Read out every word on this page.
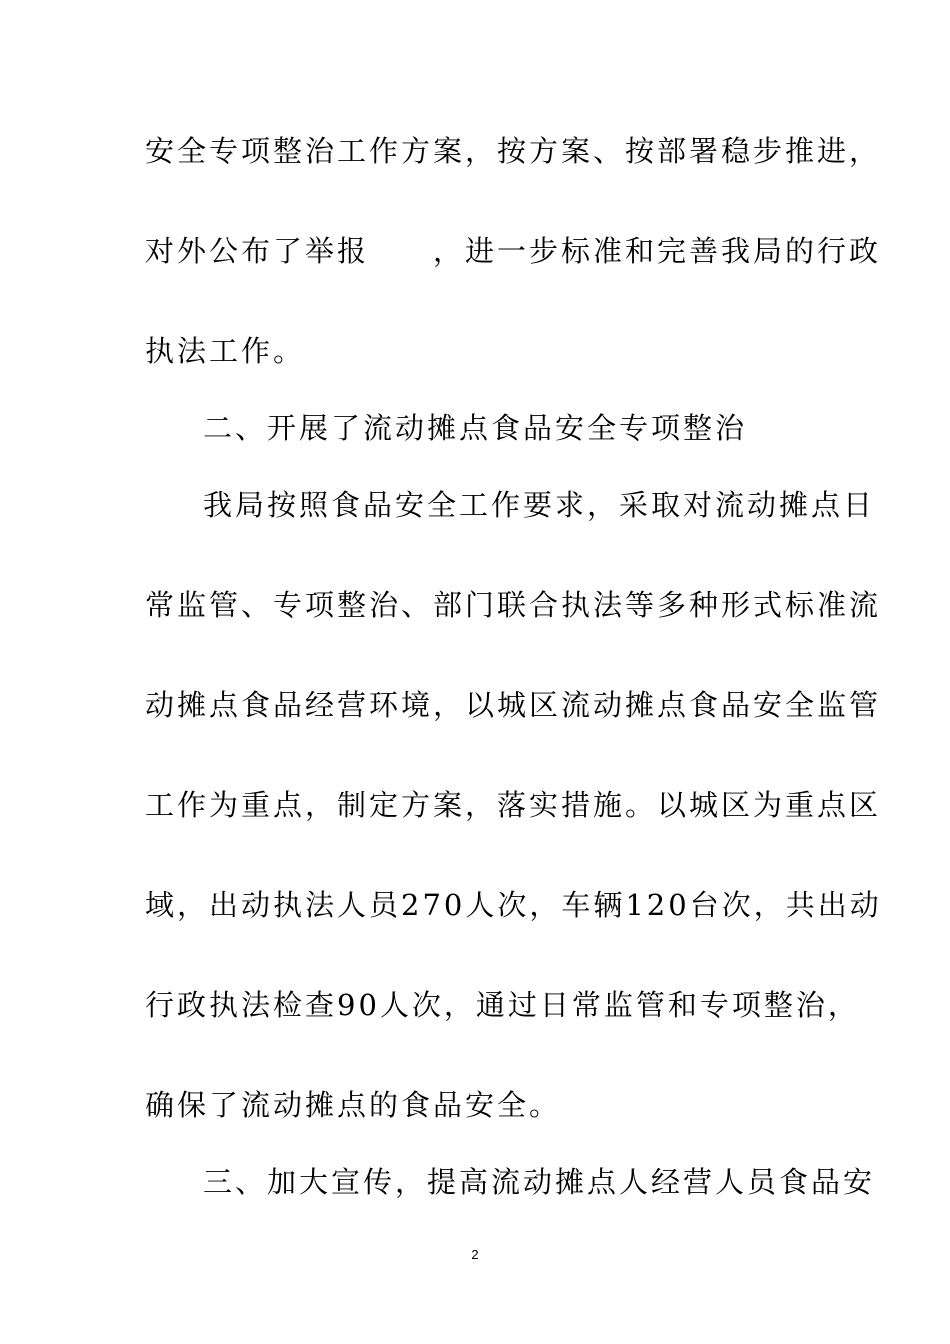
安全专项整治工作方案，按方案、按部署稳步推进，
对外公布了举报　　，进一步标准和完善我局的行政
执法工作。
二、开展了流动摊点食品安全专项整治
我局按照食品安全工作要求，采取对流动摊点日
常监管、专项整治、部门联合执法等多种形式标准流
动摊点食品经营环境，以城区流动摊点食品安全监管
工作为重点，制定方案，落实措施。以城区为重点区
域，出动执法人员270人次，车辆120台次，共出动
行政执法检查90人次，通过日常监管和专项整治，
确保了流动摊点的食品安全。
三、加大宣传，提高流动摊点人经营人员食品安
2
